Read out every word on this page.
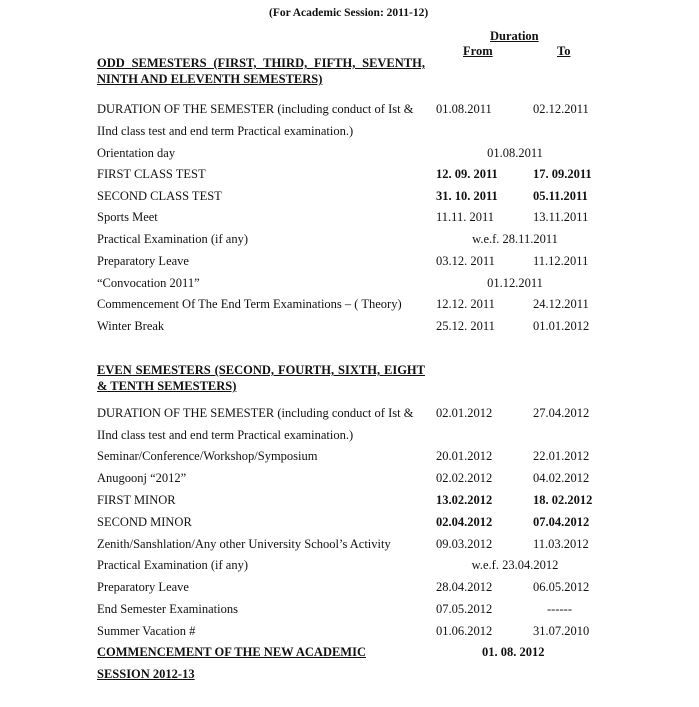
(For Academic Session: 2011-12)
Duration
From	To
ODD SEMESTERS (FIRST, THIRD, FIFTH, SEVENTH, NINTH AND ELEVENTH SEMESTERS)
DURATION OF THE SEMESTER (including conduct of Ist & 01.08.2011	02.12.2011
IInd class test and end term Practical examination.)
Orientation day	01.08.2011
FIRST CLASS TEST	12. 09. 2011	17. 09.2011
SECOND CLASS TEST	31. 10. 2011	05.11.2011
Sports Meet	11.11. 2011	13.11.2011
Practical Examination (if any)	w.e.f. 28.11.2011
Preparatory Leave	03.12. 2011	11.12.2011
“Convocation 2011”	01.12.2011
Commencement Of The End Term Examinations – ( Theory)	12.12. 2011	24.12.2011
Winter Break	25.12. 2011	01.01.2012
EVEN SEMESTERS (SECOND, FOURTH, SIXTH, EIGHT & TENTH SEMESTERS)
DURATION OF THE SEMESTER (including conduct of Ist & 02.01.2012	27.04.2012
IInd class test and end term Practical examination.)
Seminar/Conference/Workshop/Symposium	20.01.2012	22.01.2012
Anugoonj “2012”	02.02.2012	04.02.2012
FIRST MINOR	13.02.2012	18. 02.2012
SECOND MINOR	02.04.2012	07.04.2012
Zenith/Sanshlation/Any other University School’s Activity	09.03.2012	11.03.2012
Practical Examination (if any)	w.e.f. 23.04.2012
Preparatory Leave	28.04.2012	06.05.2012
End Semester Examinations	07.05.2012	------
Summer Vacation #	01.06.2012	31.07.2010
COMMENCEMENT OF THE NEW ACADEMIC	01. 08. 2012
SESSION 2012-13
